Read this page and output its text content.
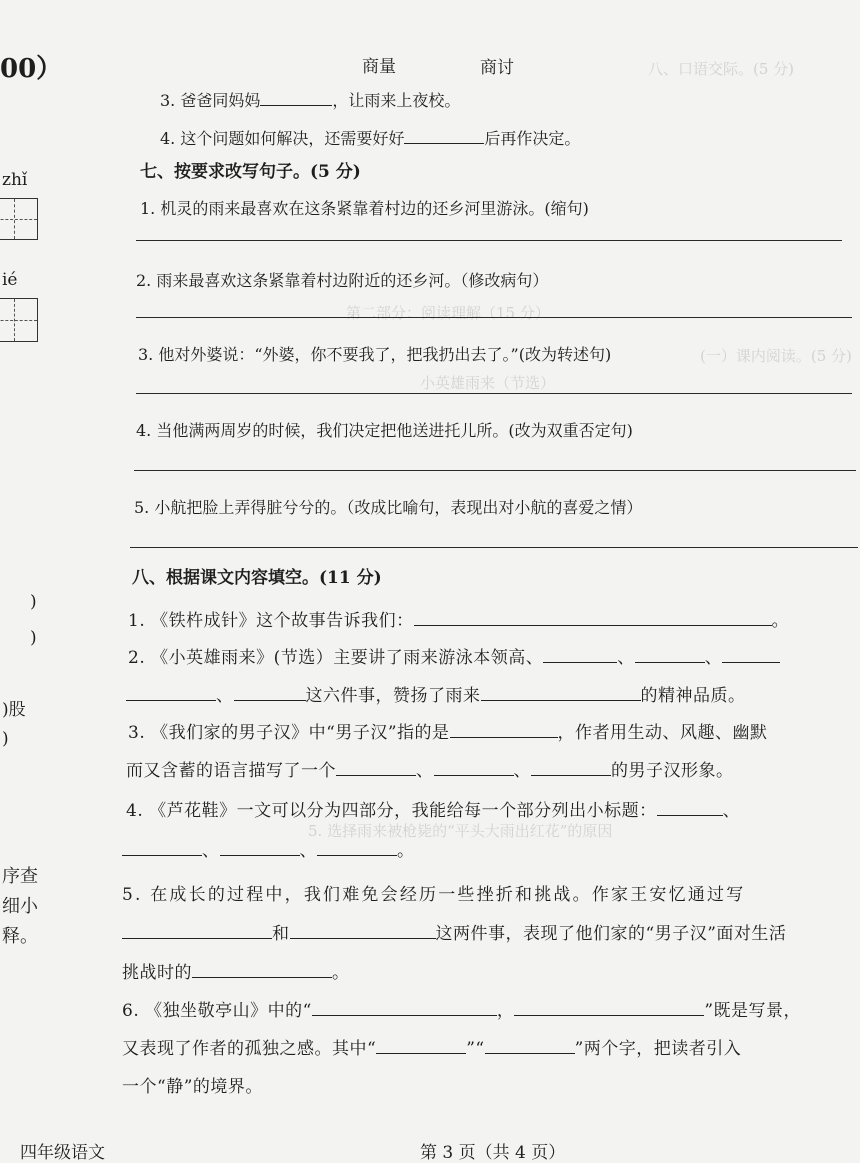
八、口语交际。(5 分)
第二部分：阅读理解（15 分）
(一）课内阅读。(5 分)
小英雄雨来（节选）
5. 选择雨来被枪毙的“平头大雨出红花”的原因
00）
zhǐ
ié
)
)
)股
)
序查
细小
释。
商量	商讨
3. 爸爸同妈妈	，让雨来上夜校。
4. 这个问题如何解决，还需要好好	后再作决定。
七、按要求改写句子。(5 分)
1. 机灵的雨来最喜欢在这条紧靠着村边的还乡河里游泳。(缩句)
2. 雨来最喜欢这条紧靠着村边附近的还乡河。（修改病句）
3. 他对外婆说：“外婆，你不要我了，把我扔出去了。”(改为转述句)
4. 当他满两周岁的时候，我们决定把他送进托儿所。(改为双重否定句)
5. 小航把脸上弄得脏兮兮的。（改成比喻句，表现出对小航的喜爱之情）
八、根据课文内容填空。(11 分)
1. 《铁杵成针》这个故事告诉我们：	。
2. 《小英雄雨来》(节选）主要讲了雨来游泳本领高、	、	、
、	这六件事，赞扬了雨来	的精神品质。
3. 《我们家的男子汉》中“男子汉”指的是	，作者用生动、风趣、幽默
而又含蓄的语言描写了一个	、	、	的男子汉形象。
4. 《芦花鞋》一文可以分为四部分，我能给每一个部分列出小标题：	、
、	、	。
5. 在成长的过程中，我们难免会经历一些挫折和挑战。作家王安忆通过写
和	这两件事，表现了他们家的“男子汉”面对生活
挑战时的	。
6. 《独坐敬亭山》中的“	，	”既是写景，
又表现了作者的孤独之感。其中“	”“	”两个字，把读者引入
一个“静”的境界。
四年级语文	第 3 页（共 4 页）
